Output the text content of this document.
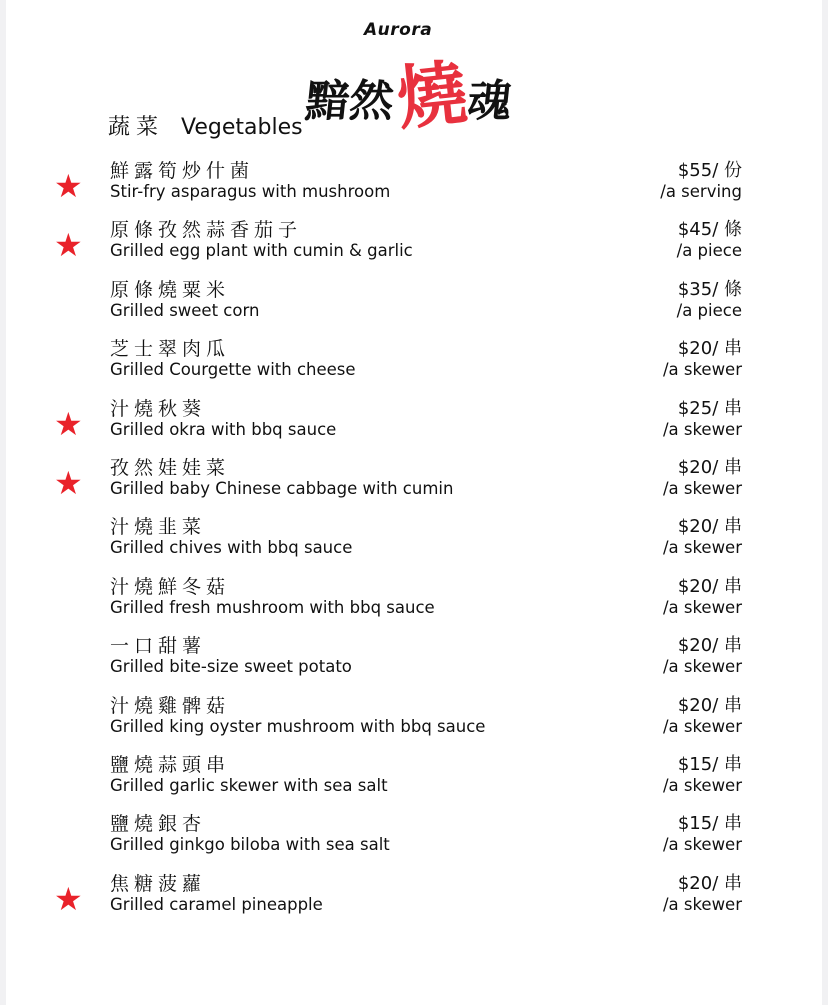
Aurora
黯然燒魂
蔬菜 Vegetables
★ 鮮露筍炒什菌
Stir-fry asparagus with mushroom
$55/ 份
/a serving
★ 原條孜然蒜香茄子
Grilled egg plant with cumin & garlic
$45/ 條
/a piece
原條燒粟米
Grilled sweet corn
$35/ 條
/a piece
芝士翠肉瓜
Grilled Courgette with cheese
$20/ 串
/a skewer
★ 汁燒秋葵
Grilled okra with bbq sauce
$25/ 串
/a skewer
★ 孜然娃娃菜
Grilled baby Chinese cabbage with cumin
$20/ 串
/a skewer
汁燒韭菜
Grilled chives with bbq sauce
$20/ 串
/a skewer
汁燒鮮冬菇
Grilled fresh mushroom with bbq sauce
$20/ 串
/a skewer
一口甜薯
Grilled bite-size sweet potato
$20/ 串
/a skewer
汁燒雞髀菇
Grilled king oyster mushroom with bbq sauce
$20/ 串
/a skewer
鹽燒蒜頭串
Grilled garlic skewer with sea salt
$15/ 串
/a skewer
鹽燒銀杏
Grilled ginkgo biloba with sea salt
$15/ 串
/a skewer
★ 焦糖菠蘿
Grilled caramel pineapple
$20/ 串
/a skewer
